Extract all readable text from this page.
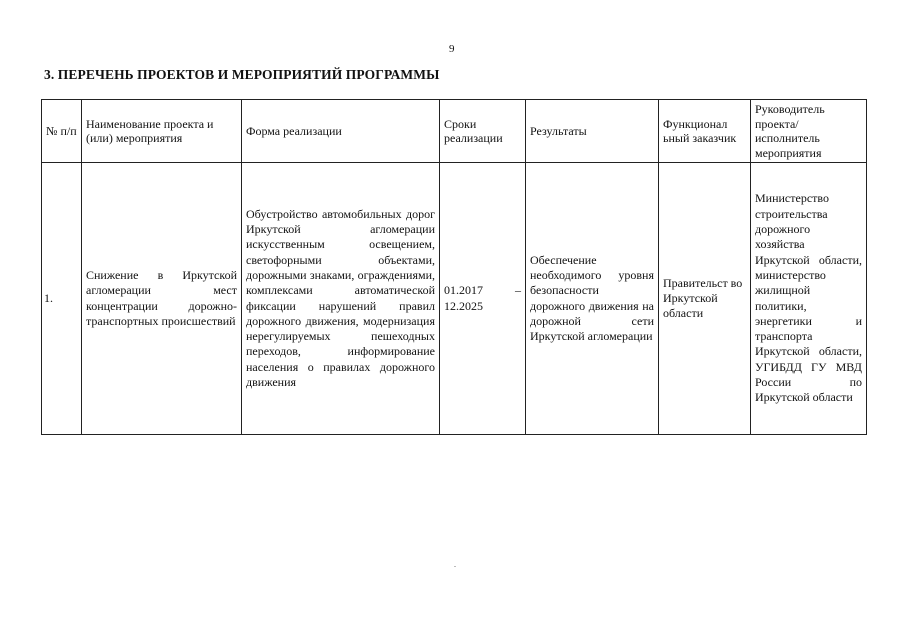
9
3. ПЕРЕЧЕНЬ ПРОЕКТОВ И МЕРОПРИЯТИЙ ПРОГРАММЫ
№ п/п	Наименование проекта и (или) мероприятия	Форма реализации	Сроки реализации	Результаты	Функционал ьный заказчик	Руководитель проекта/ исполнитель мероприятия
1.	Снижение в Иркутской агломерации мест концентрации дорожно-транспортных происшествий	Обустройство автомобильных дорог Иркутской агломерации искусственным освещением, светофорными объектами, дорожными знаками, ограждениями, комплексами автоматической фиксации нарушений правил дорожного движения, модернизация нерегулируемых пешеходных переходов, информирование населения о правилах дорожного движения	01.2017 – 12.2025	Обеспечение необходимого уровня безопасности дорожного движения на дорожной сети Иркутской агломерации	Правительст во Иркутской области	Министерство строительства дорожного хозяйства Иркутской области, министерство жилищной политики, энергетики и транспорта Иркутской области, УГИБДД ГУ МВД России по Иркутской области
